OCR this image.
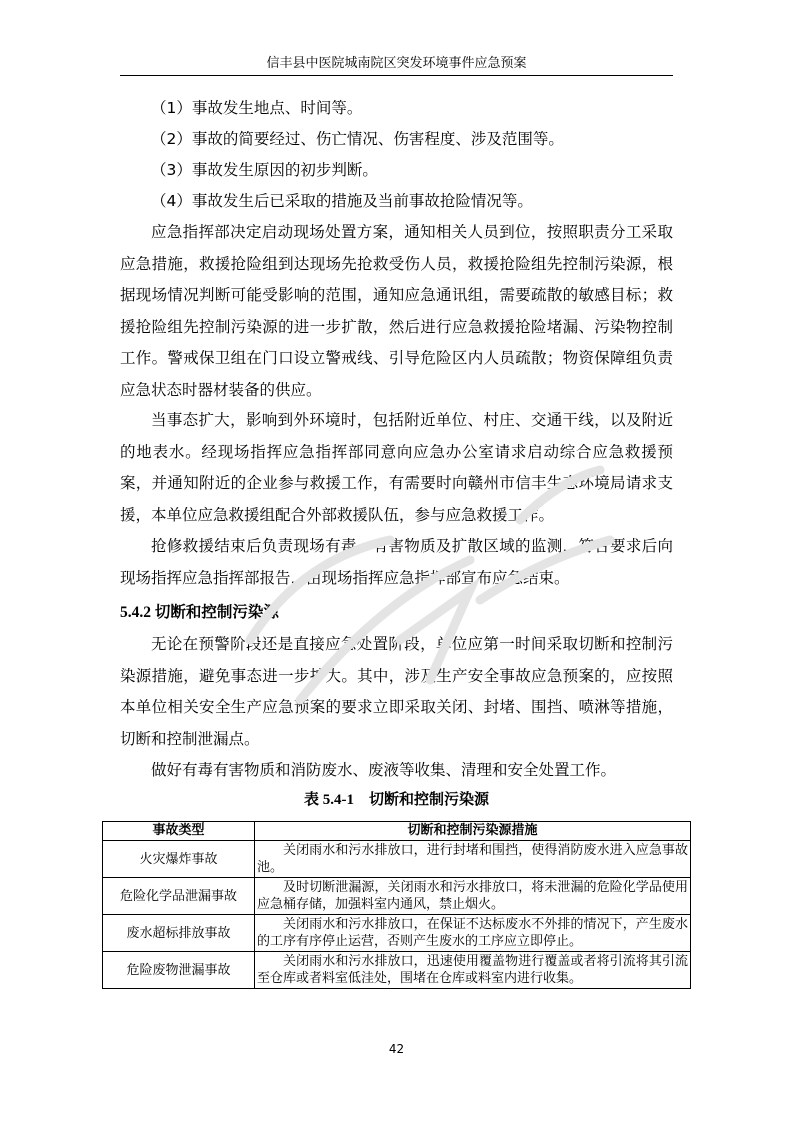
信丰县中医院城南院区突发环境事件应急预案

（1）事故发生地点、时间等。

（2）事故的简要经过、伤亡情况、伤害程度、涉及范围等。

（3）事故发生原因的初步判断。

（4）事故发生后已采取的措施及当前事故抢险情况等。

应急指挥部决定启动现场处置方案，通知相关人员到位，按照职责分工采取应急措施，救援抢险组到达现场先抢救受伤人员，救援抢险组先控制污染源，根据现场情况判断可能受影响的范围，通知应急通讯组，需要疏散的敏感目标；救援抢险组先控制污染源的进一步扩散，然后进行应急救援抢险堵漏、污染物控制工作。警戒保卫组在门口设立警戒线、引导危险区内人员疏散；物资保障组负责应急状态时器材装备的供应。

当事态扩大，影响到外环境时，包括附近单位、村庄、交通干线，以及附近的地表水。经现场指挥应急指挥部同意向应急办公室请求启动综合应急救援预案，并通知附近的企业参与救援工作，有需要时向赣州市信丰生态环境局请求支援，本单位应急救援组配合外部救援队伍，参与应急救援工作。

抢修救援结束后负责现场有毒、有害物质及扩散区域的监测，符合要求后向现场指挥应急指挥部报告，由现场指挥应急指挥部宣布应急结束。

5.4.2 切断和控制污染源

无论在预警阶段还是直接应急处置阶段，单位应第一时间采取切断和控制污染源措施，避免事态进一步扩大。其中，涉及生产安全事故应急预案的，应按照本单位相关安全生产应急预案的要求立即采取关闭、封堵、围挡、喷淋等措施，切断和控制泄漏点。

做好有毒有害物质和消防废水、废液等收集、清理和安全处置工作。

表 5.4-1　切断和控制污染源

事故类型	切断和控制污染源措施
火灾爆炸事故	关闭雨水和污水排放口，进行封堵和围挡，使得消防废水进入应急事故池。
危险化学品泄漏事故	及时切断泄漏源，关闭雨水和污水排放口，将未泄漏的危险化学品使用应急桶存储，加强料室内通风，禁止烟火。
废水超标排放事故	关闭雨水和污水排放口，在保证不达标废水不外排的情况下，产生废水的工序有序停止运营，否则产生废水的工序应立即停止。
危险废物泄漏事故	关闭雨水和污水排放口，迅速使用覆盖物进行覆盖或者将引流将其引流至仓库或者料室低洼处，围堵在仓库或料室内进行收集。
42
